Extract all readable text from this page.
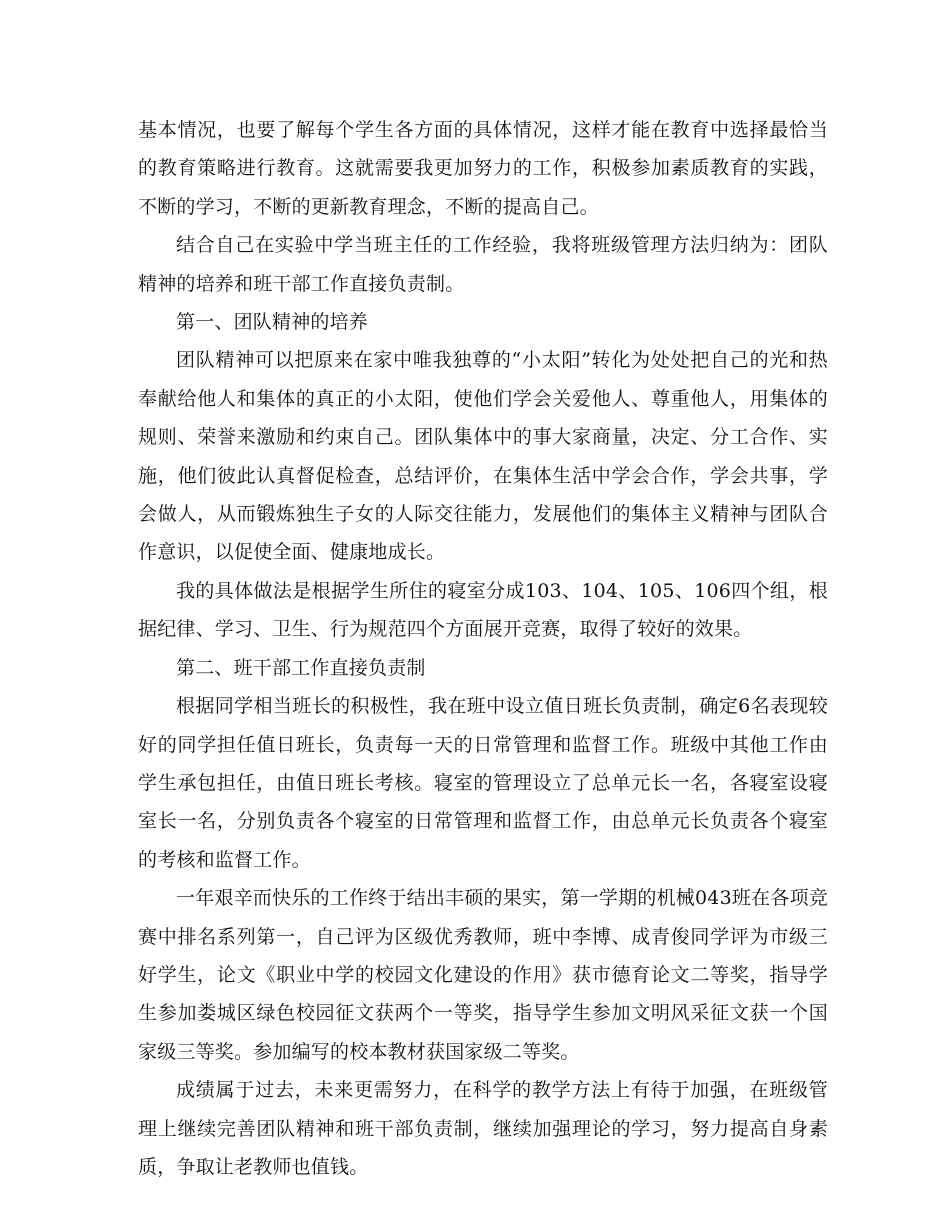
基本情况，也要了解每个学生各方面的具体情况，这样才能在教育中选择最恰当的教育策略进行教育。这就需要我更加努力的工作，积极参加素质教育的实践，不断的学习，不断的更新教育理念，不断的提高自己。

结合自己在实验中学当班主任的工作经验，我将班级管理方法归纳为：团队精神的培养和班干部工作直接负责制。

第一、团队精神的培养

团队精神可以把原来在家中唯我独尊的“小太阳”转化为处处把自己的光和热奉献给他人和集体的真正的小太阳，使他们学会关爱他人、尊重他人，用集体的规则、荣誉来激励和约束自己。团队集体中的事大家商量，决定、分工合作、实施，他们彼此认真督促检查，总结评价，在集体生活中学会合作，学会共事，学会做人，从而锻炼独生子女的人际交往能力，发展他们的集体主义精神与团队合作意识，以促使全面、健康地成长。

我的具体做法是根据学生所住的寝室分成103、104、105、106四个组，根据纪律、学习、卫生、行为规范四个方面展开竞赛，取得了较好的效果。

第二、班干部工作直接负责制

根据同学相当班长的积极性，我在班中设立值日班长负责制，确定6名表现较好的同学担任值日班长，负责每一天的日常管理和监督工作。班级中其他工作由学生承包担任，由值日班长考核。寝室的管理设立了总单元长一名，各寝室设寝室长一名，分别负责各个寝室的日常管理和监督工作，由总单元长负责各个寝室的考核和监督工作。

一年艰辛而快乐的工作终于结出丰硕的果实，第一学期的机械043班在各项竞赛中排名系列第一，自己评为区级优秀教师，班中李博、成青俊同学评为市级三好学生，论文《职业中学的校园文化建设的作用》获市德育论文二等奖，指导学生参加娄城区绿色校园征文获两个一等奖，指导学生参加文明风采征文获一个国家级三等奖。参加编写的校本教材获国家级二等奖。

成绩属于过去，未来更需努力，在科学的教学方法上有待于加强，在班级管理上继续完善团队精神和班干部负责制，继续加强理论的学习，努力提高自身素质，争取让老教师也值钱。
